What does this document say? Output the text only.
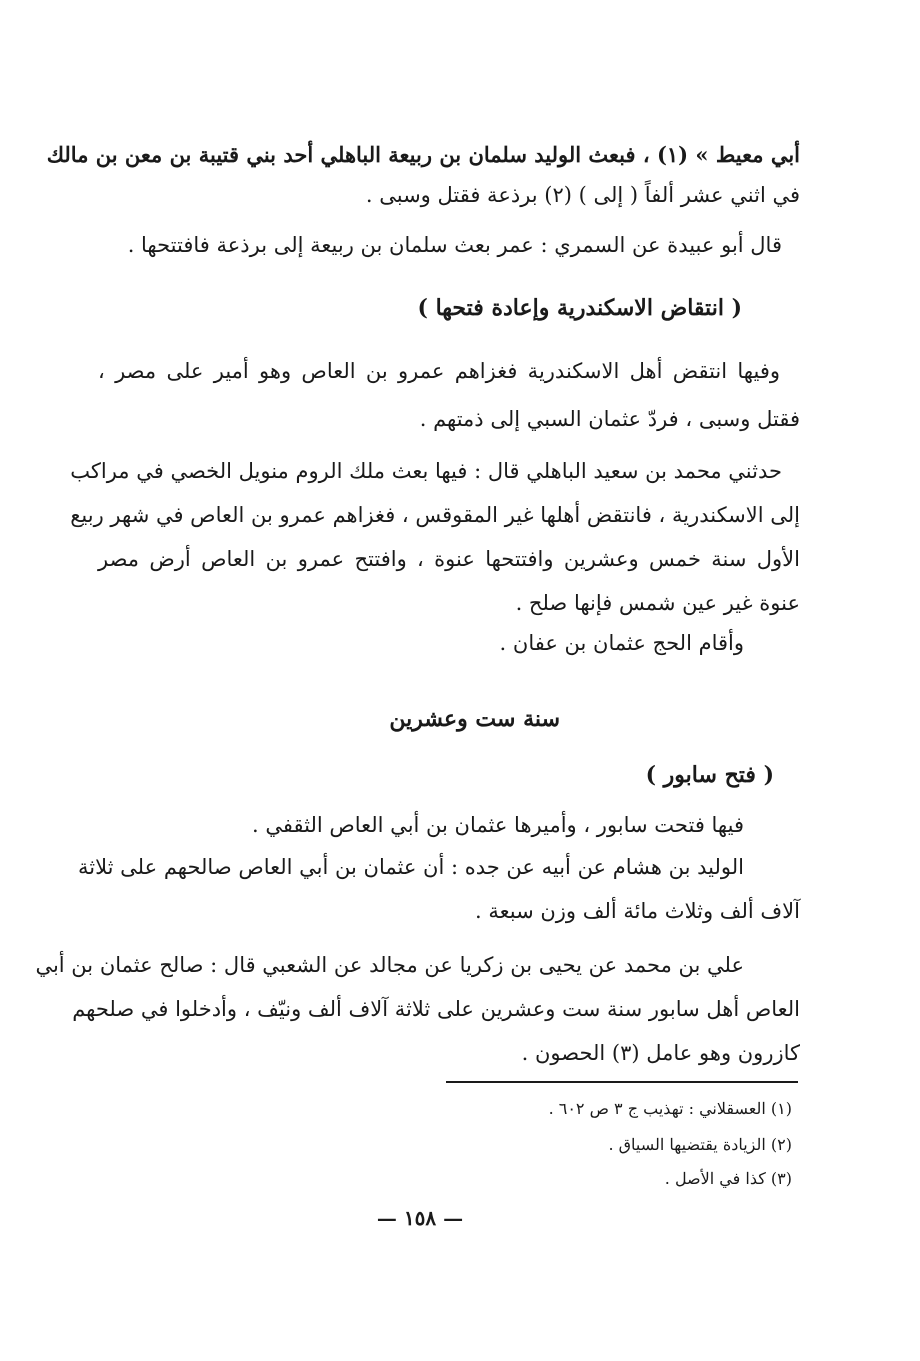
أبي معيط » (١) ، فبعث الوليد سلمان بن ربيعة الباهلي أحد بني قتيبة بن معن بن مالك
في اثني عشر ألفاً ( إلى ) (٢) برذعة فقتل وسبى .
قال أبو عبيدة عن السمري : عمر بعث سلمان بن ربيعة إلى برذعة فافتتحها .
( انتقاض الاسكندرية وإعادة فتحها )
وفيها انتقض أهل الاسكندرية فغزاهم عمرو بن العاص وهو أمير على مصر ،
فقتل وسبى ، فردّ عثمان السبي إلى ذمتهم .
حدثني محمد بن سعيد الباهلي قال : فيها بعث ملك الروم منويل الخصي في مراكب
إلى الاسكندرية ، فانتقض أهلها غير المقوقس ، فغزاهم عمرو بن العاص في شهر ربيع
الأول سنة خمس وعشرين وافتتحها عنوة ، وافتتح عمرو بن العاص أرض مصر
عنوة غير عين شمس فإنها صلح .
وأقام الحج عثمان بن عفان .
سنة ست وعشرين
( فتح سابور )
فيها فتحت سابور ، وأميرها عثمان بن أبي العاص الثقفي .
الوليد بن هشام عن أبيه عن جده : أن عثمان بن أبي العاص صالحهم على ثلاثة
آلاف ألف وثلاث مائة ألف وزن سبعة .
علي بن محمد عن يحيى بن زكريا عن مجالد عن الشعبي قال : صالح عثمان بن أبي
العاص أهل سابور سنة ست وعشرين على ثلاثة آلاف ألف ونيّف ، وأدخلوا في صلحهم
كازرون وهو عامل (٣) الحصون .
(١) العسقلاني : تهذيب ج ٣ ص ٦٠٢ .
(٢) الزيادة يقتضيها السياق .
(٣) كذا في الأصل .
— ١٥٨ —
